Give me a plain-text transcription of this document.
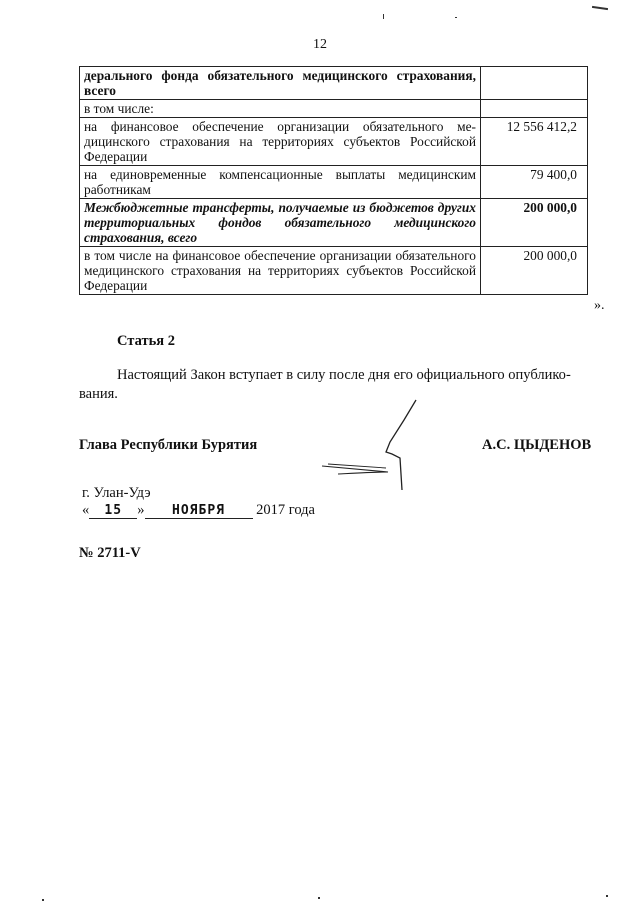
12
дерального фонда обязательного медицинского страхования, всего	
в том числе:	
на финансовое обеспечение организации обязательного медицинского страхования на территориях субъектов Российской Федерации	12 556 412,2
на единовременные компенсационные выплаты медицинским работникам	79 400,0
Межбюджетные трансферты, получаемые из бюджетов других территориальных фондов обязательного медицинского страхования, всего	200 000,0
в том числе на финансовое обеспечение организации обязательного медицинского страхования на территориях субъектов Российской Федерации	200 000,0
».
Статья 2
Настоящий Закон вступает в силу после дня его официального опубликования.
Глава Республики Бурятия	А.С. ЦЫДЕНОВ
г. Улан-Удэ
« 15 » НОЯБРЯ 2017 года
№ 2711-V
